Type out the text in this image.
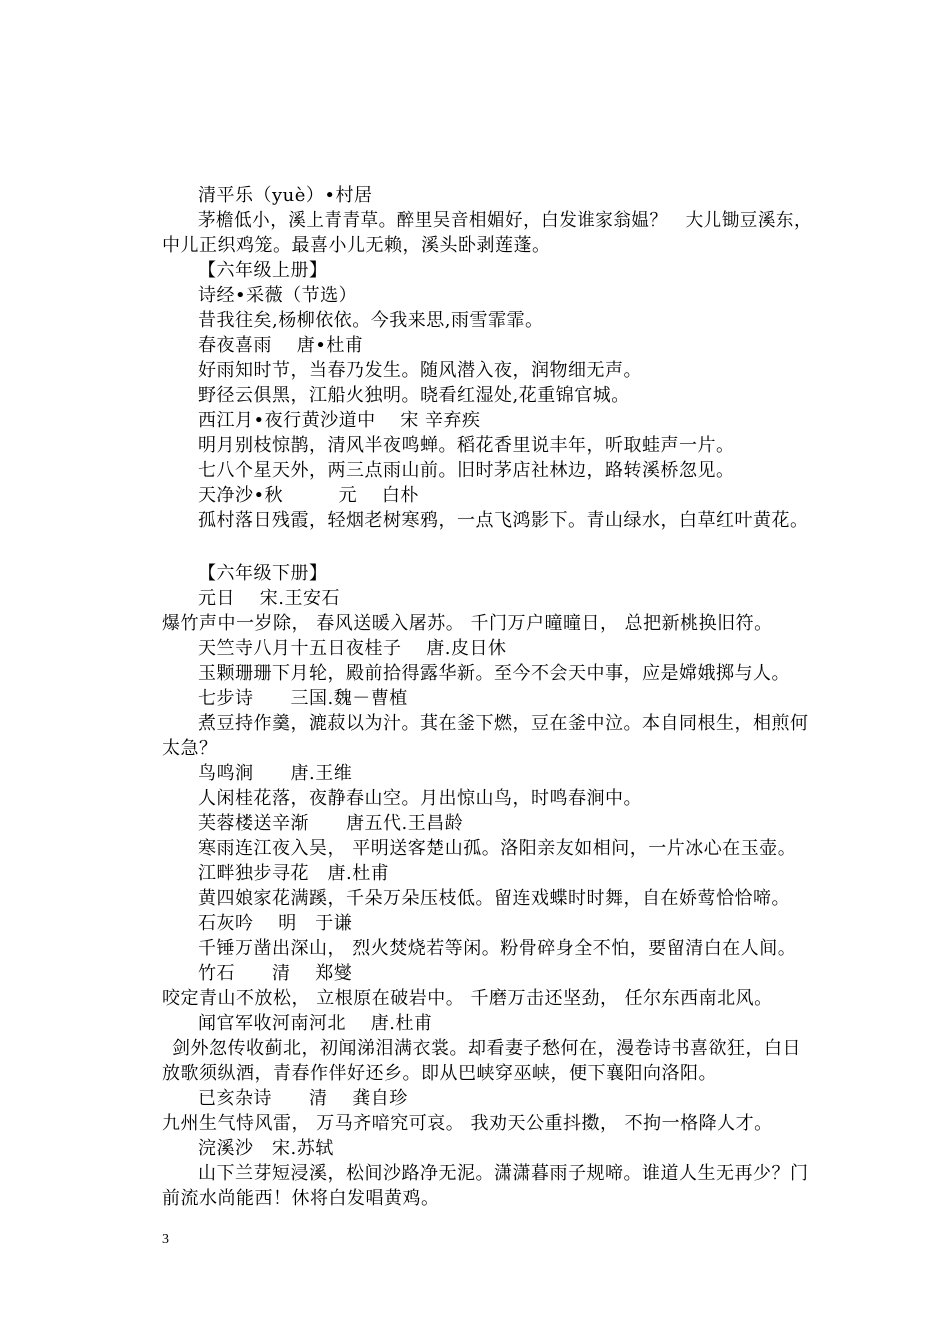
清平乐（yuè）•村居
茅檐低小，溪上青青草。醉里吴音相媚好，白发谁家翁媪？　大儿锄豆溪东，
中儿正织鸡笼。最喜小儿无赖，溪头卧剥莲蓬。
【六年级上册】
诗经•采薇（节选）
昔我往矣,杨柳依依。今我来思,雨雪霏霏。
春夜喜雨　 唐•杜甫
好雨知时节，当春乃发生。随风潜入夜，润物细无声。
野径云俱黑，江船火独明。晓看红湿处,花重锦官城。
西江月•夜行黄沙道中　 宋 辛弃疾
明月别枝惊鹊，清风半夜鸣蝉。稻花香里说丰年，听取蛙声一片。
七八个星天外，两三点雨山前。旧时茅店社林边，路转溪桥忽见。
天净沙•秋　　　元　 白朴
孤村落日残霞，轻烟老树寒鸦，一点飞鸿影下。青山绿水，白草红叶黄花。
【六年级下册】
元日　 宋.王安石
爆竹声中一岁除， 春风送暖入屠苏。 千门万户曈曈日， 总把新桃换旧符。
天竺寺八月十五日夜桂子　 唐.皮日休
玉颗珊珊下月轮，殿前拾得露华新。至今不会天中事，应是嫦娥掷与人。
七步诗　　三国.魏－曹植
煮豆持作羹，漉菽以为汁。萁在釜下燃，豆在釜中泣。本自同根生，相煎何
太急？
鸟鸣涧　　唐.王维
人闲桂花落，夜静春山空。月出惊山鸟，时鸣春涧中。
芙蓉楼送辛渐　　唐五代.王昌龄
寒雨连江夜入吴， 平明送客楚山孤。洛阳亲友如相问，一片冰心在玉壶。
江畔独步寻花　唐.杜甫
黄四娘家花满蹊，千朵万朵压枝低。留连戏蝶时时舞，自在娇莺恰恰啼。
石灰吟　 明　于谦
千锤万凿出深山， 烈火焚烧若等闲。粉骨碎身全不怕，要留清白在人间。
竹石　　清　 郑燮
咬定青山不放松， 立根原在破岩中。 千磨万击还坚劲， 任尔东西南北风。
闻官军收河南河北　 唐.杜甫
剑外忽传收蓟北，初闻涕泪满衣裳。却看妻子愁何在，漫卷诗书喜欲狂，白日
放歌须纵酒，青春作伴好还乡。即从巴峡穿巫峡，便下襄阳向洛阳。
已亥杂诗　　清　 龚自珍
九州生气恃风雷， 万马齐喑究可哀。 我劝天公重抖擞， 不拘一格降人才。
浣溪沙　宋.苏轼
山下兰芽短浸溪，松间沙路净无泥。潇潇暮雨子规啼。谁道人生无再少？门
前流水尚能西！休将白发唱黄鸡。
3
